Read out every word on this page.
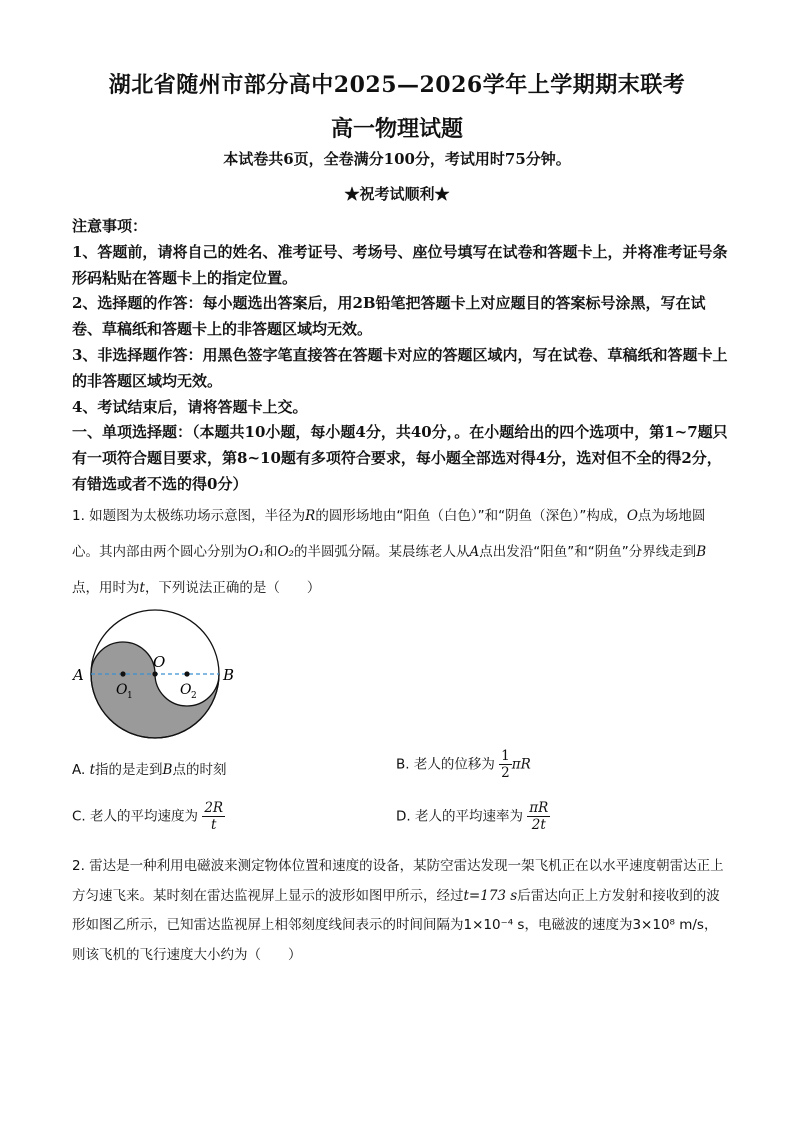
湖北省随州市部分高中2025—2026学年上学期期末联考
高一物理试题
本试卷共6页，全卷满分100分，考试用时75分钟。
★祝考试顺利★

注意事项：

1、答题前，请将自己的姓名、准考证号、考场号、座位号填写在试卷和答题卡上，并将准考证号条形码粘贴在答题卡上的指定位置。

2、选择题的作答：每小题选出答案后，用2B铅笔把答题卡上对应题目的答案标号涂黑，写在试卷、草稿纸和答题卡上的非答题区域均无效。

3、非选择题作答：用黑色签字笔直接答在答题卡对应的答题区域内，写在试卷、草稿纸和答题卡上的非答题区域均无效。

4、考试结束后，请将答题卡上交。

一、单项选择题：（本题共10小题，每小题4分，共40分，。在小题给出的四个选项中，第1~7题只有一项符合题目要求，第8~10题有多项符合要求，每小题全部选对得4分，选对但不全的得2分，有错选或者不选的得0分）

1. 如题图为太极练功场示意图，半径为R的圆形场地由“阳鱼（白色）”和“阴鱼（深色）”构成，O点为场地圆心。其内部由两个圆心分别为O₁和O₂的半圆弧分隔。某晨练老人从A点出发沿“阳鱼”和“阴鱼”分界线走到B点，用时为t，下列说法正确的是（　　）

A	B
O
O 1	O 2
A. t指的是走到B点的时刻	B. 老人的位移为 $\frac{1}{2}$ πR
C. 老人的平均速度为 $\frac{2R}{t}$	D. 老人的平均速率为 $\frac{\pi R}{2t}$

2. 雷达是一种利用电磁波来测定物体位置和速度的设备，某防空雷达发现一架飞机正在以水平速度朝雷达正上方匀速飞来。某时刻在雷达监视屏上显示的波形如图甲所示，经过t=173 s后雷达向正上方发射和接收到的波形如图乙所示，已知雷达监视屏上相邻刻度线间表示的时间间隔为1×10⁻⁴ s，电磁波的速度为3×10⁸ m/s，则该飞机的飞行速度大小约为（　　）
